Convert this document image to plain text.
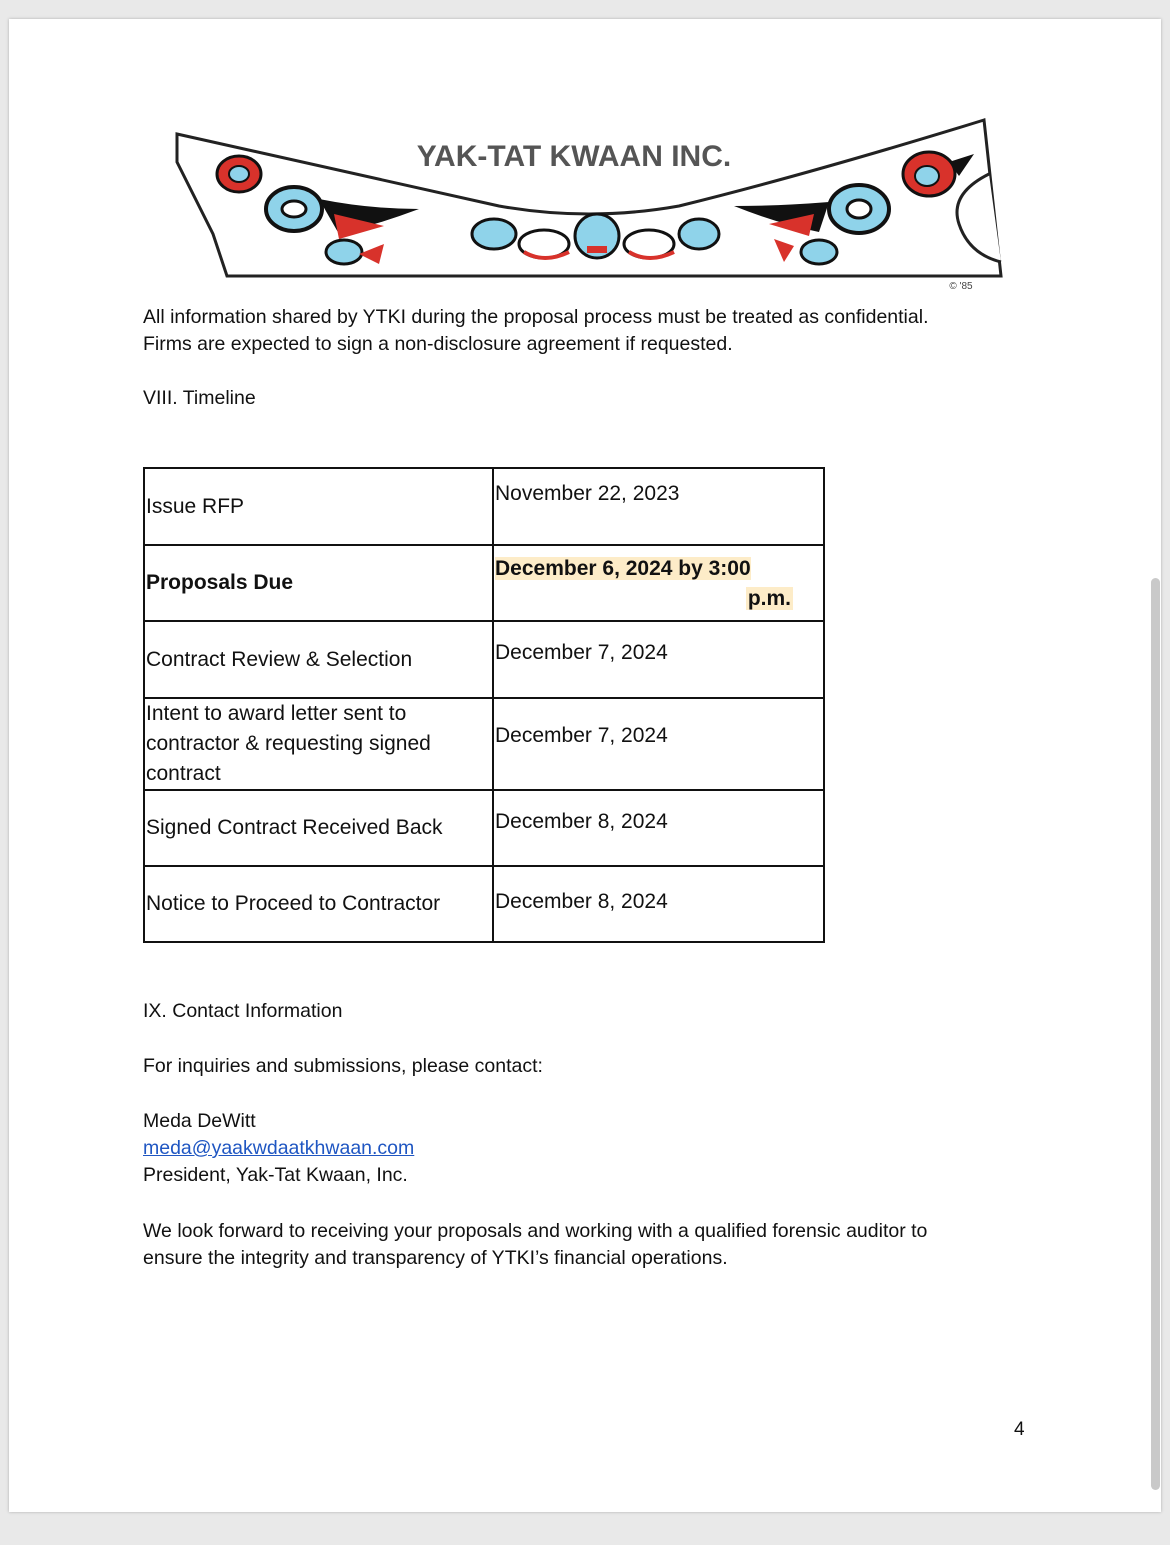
YAK-TAT KWAAN INC.
© '85

All information shared by YTKI during the proposal process must be treated as confidential.
Firms are expected to sign a non-disclosure agreement if requested.

VIII. Timeline

Issue RFP	November 22, 2023
Proposals Due	December 6, 2024 by 3:00
p.m.

Contract Review & Selection	December 7, 2024
Intent to award letter sent to contractor & requesting signed contract	December 7, 2024
Signed Contract Received Back	December 8, 2024
Notice to Proceed to Contractor	December 8, 2024

IX. Contact Information

For inquiries and submissions, please contact:

Meda DeWitt
meda@yaakwdaatkhwaan.com
President, Yak-Tat Kwaan, Inc.

We look forward to receiving your proposals and working with a qualified forensic auditor to
ensure the integrity and transparency of YTKI’s financial operations.

4
